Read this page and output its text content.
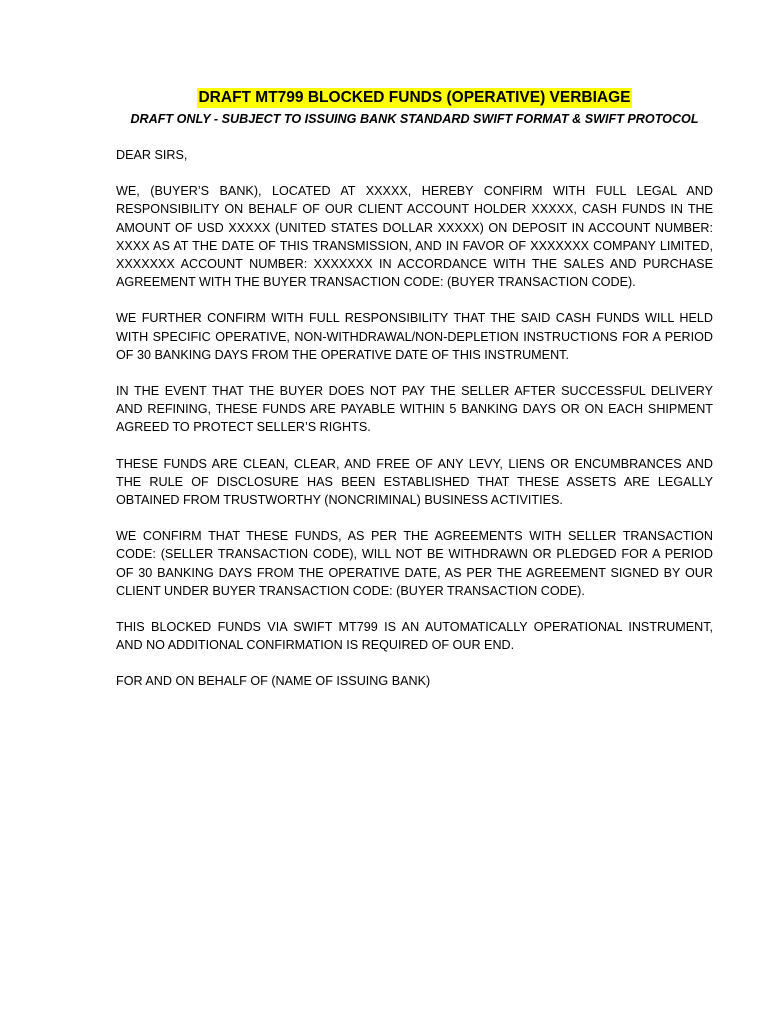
DRAFT MT799 BLOCKED FUNDS (OPERATIVE) VERBIAGE
DRAFT ONLY - SUBJECT TO ISSUING BANK STANDARD SWIFT FORMAT & SWIFT PROTOCOL

DEAR SIRS,

WE, (BUYER’S BANK), LOCATED AT XXXXX, HEREBY CONFIRM WITH FULL LEGAL AND RESPONSIBILITY ON BEHALF OF OUR CLIENT ACCOUNT HOLDER XXXXX, CASH FUNDS IN THE AMOUNT OF USD XXXXX (UNITED STATES DOLLAR XXXXX) ON DEPOSIT IN ACCOUNT NUMBER: XXXX AS AT THE DATE OF THIS TRANSMISSION, AND IN FAVOR OF XXXXXXX COMPANY LIMITED, XXXXXXX ACCOUNT NUMBER: XXXXXXX IN ACCORDANCE WITH THE SALES AND PURCHASE AGREEMENT WITH THE BUYER TRANSACTION CODE: (BUYER TRANSACTION CODE).

WE FURTHER CONFIRM WITH FULL RESPONSIBILITY THAT THE SAID CASH FUNDS WILL HELD WITH SPECIFIC OPERATIVE, NON-WITHDRAWAL/NON-DEPLETION INSTRUCTIONS FOR A PERIOD OF 30 BANKING DAYS FROM THE OPERATIVE DATE OF THIS INSTRUMENT.

IN THE EVENT THAT THE BUYER DOES NOT PAY THE SELLER AFTER SUCCESSFUL DELIVERY AND REFINING, THESE FUNDS ARE PAYABLE WITHIN 5 BANKING DAYS OR ON EACH SHIPMENT AGREED TO PROTECT SELLER’S RIGHTS.

THESE FUNDS ARE CLEAN, CLEAR, AND FREE OF ANY LEVY, LIENS OR ENCUMBRANCES AND THE RULE OF DISCLOSURE HAS BEEN ESTABLISHED THAT THESE ASSETS ARE LEGALLY OBTAINED FROM TRUSTWORTHY (NONCRIMINAL) BUSINESS ACTIVITIES.

WE CONFIRM THAT THESE FUNDS, AS PER THE AGREEMENTS WITH SELLER TRANSACTION CODE: (SELLER TRANSACTION CODE), WILL NOT BE WITHDRAWN OR PLEDGED FOR A PERIOD OF 30 BANKING DAYS FROM THE OPERATIVE DATE, AS PER THE AGREEMENT SIGNED BY OUR CLIENT UNDER BUYER TRANSACTION CODE: (BUYER TRANSACTION CODE).

THIS BLOCKED FUNDS VIA SWIFT MT799 IS AN AUTOMATICALLY OPERATIONAL INSTRUMENT, AND NO ADDITIONAL CONFIRMATION IS REQUIRED OF OUR END.

FOR AND ON BEHALF OF (NAME OF ISSUING BANK)
